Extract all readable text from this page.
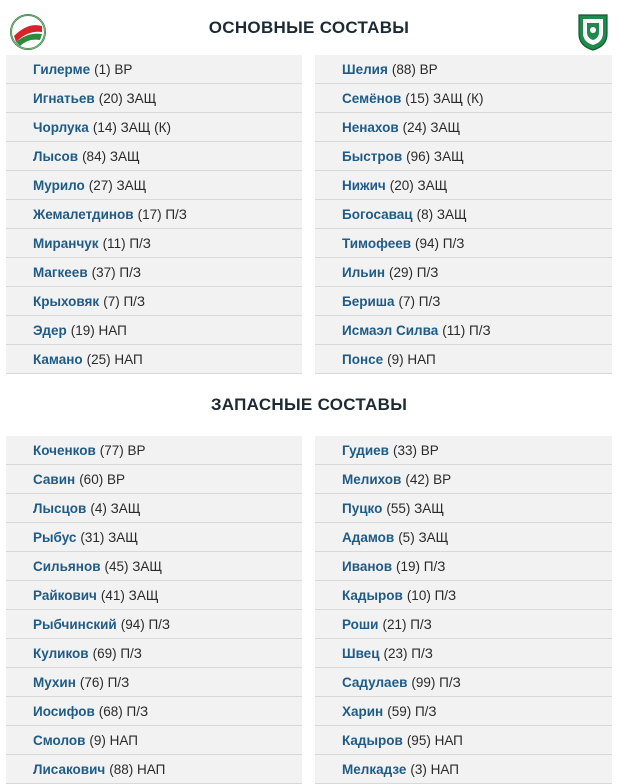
ОСНОВНЫЕ СОСТАВЫ
Гилерме (1) ВР
Игнатьев (20) ЗАЩ
Чорлука (14) ЗАЩ (К)
Лысов (84) ЗАЩ
Мурило (27) ЗАЩ
Жемалетдинов (17) П/З
Миранчук (11) П/З
Магкеев (37) П/З
Крыховяк (7) П/З
Эдер (19) НАП
Камано (25) НАП
Шелия (88) ВР
Семёнов (15) ЗАЩ (К)
Ненахов (24) ЗАЩ
Быстров (96) ЗАЩ
Нижич (20) ЗАЩ
Богосавац (8) ЗАЩ
Тимофеев (94) П/З
Ильин (29) П/З
Бериша (7) П/З
Исмаэл Силва (11) П/З
Понсе (9) НАП
ЗАПАСНЫЕ СОСТАВЫ
Коченков (77) ВР
Савин (60) ВР
Лысцов (4) ЗАЩ
Рыбус (31) ЗАЩ
Сильянов (45) ЗАЩ
Райкович (41) ЗАЩ
Рыбчинский (94) П/З
Куликов (69) П/З
Мухин (76) П/З
Иосифов (68) П/З
Смолов (9) НАП
Лисакович (88) НАП
Гудиев (33) ВР
Мелихов (42) ВР
Пуцко (55) ЗАЩ
Адамов (5) ЗАЩ
Иванов (19) П/З
Кадыров (10) П/З
Роши (21) П/З
Швец (23) П/З
Садулаев (99) П/З
Харин (59) П/З
Кадыров (95) НАП
Мелкадзе (3) НАП
